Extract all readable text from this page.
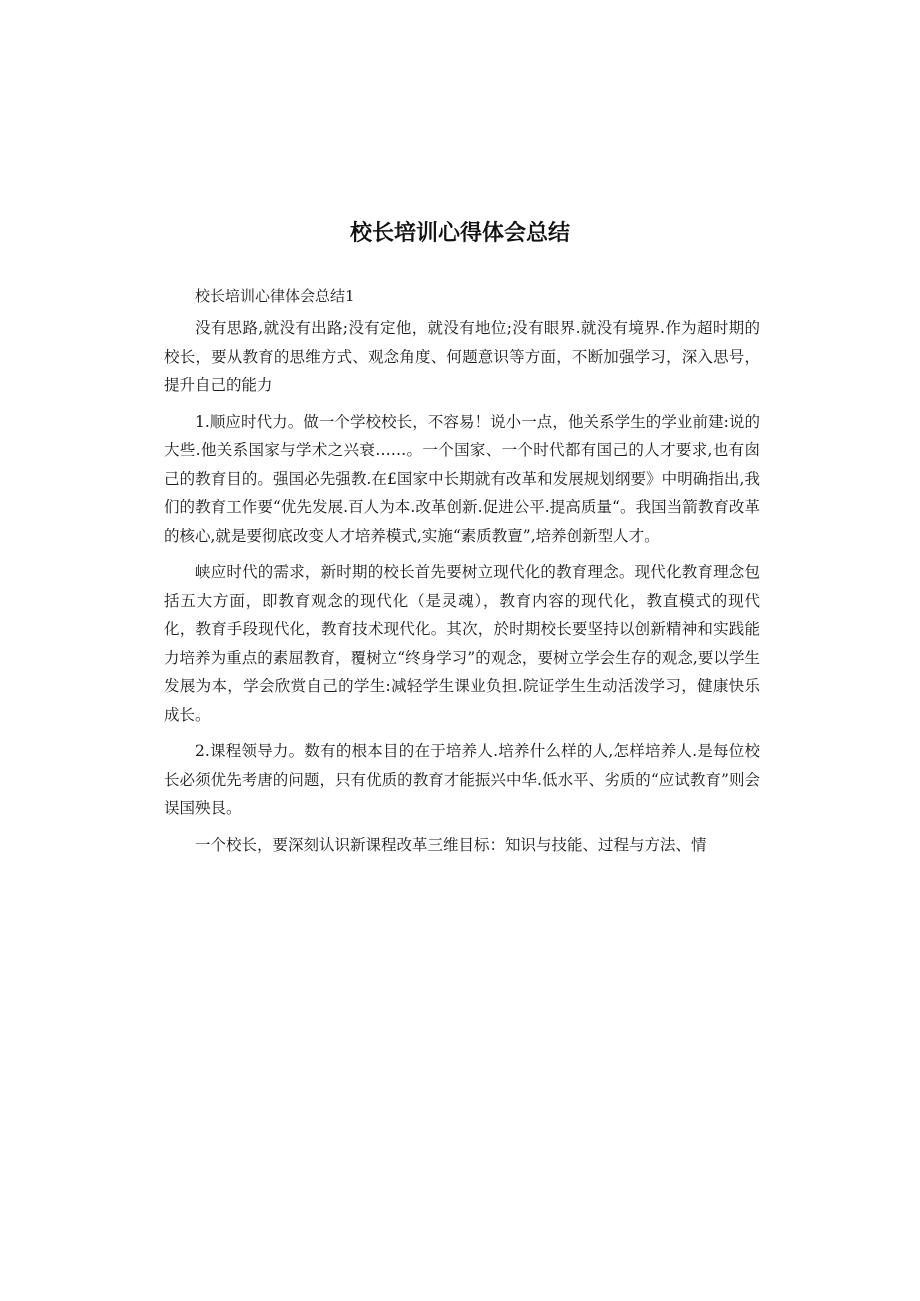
校长培训心得体会总结

校长培训心律体会总结1

没有思路,就没有出路;没有定他，就没有地位;没有眼界.就没有境界.作为超时期的校长，要从教育的思维方式、观念角度、何题意识等方面，不断加强学习，深入思号，提升自己的能力

1.顺应时代力。做一个学校校长，不容易！说小一点，他关系学生的学业前建:说的大些.他关系国家与学术之兴衰……。一个国家、一个时代都有国己的人才要求,也有囱己的教育目的。强国必先强教.在£国家中长期就有改革和发展规划纲要》中明确指出,我们的教育工作要“优先发展.百人为本.改革创新.促进公平.提高质量“。我国当箭教育改革的核心,就是要彻底改变人才培养模式,实施“素质教亶”,培养创新型人才。

峡应时代的需求，新时期的校长首先要树立现代化的教育理念。现代化教育理念包括五大方面，即教育观念的现代化（是灵魂），教育内容的现代化，教直模式的现代化，教育手段现代化，教育技术现代化。其次，於时期校长要坚持以创新精神和实践能力培养为重点的素屈教育，覆树立“终身学习”的观念，要树立学会生存的观念,要以学生发展为本，学会欣赏自己的学生:减轻学生课业负担.院证学生生动活泼学习，健康快乐成长。

2.课程领导力。数有的根本目的在于培养人.培养什么样的人,怎样培养人.是每位校长必须优先考唐的问题，只有优质的教育才能振兴中华.低水平、劣质的“应试教育”则会误国殃艮。

一个校长，要深刻认识新课程改革三维目标：知识与技能、过程与方法、情
